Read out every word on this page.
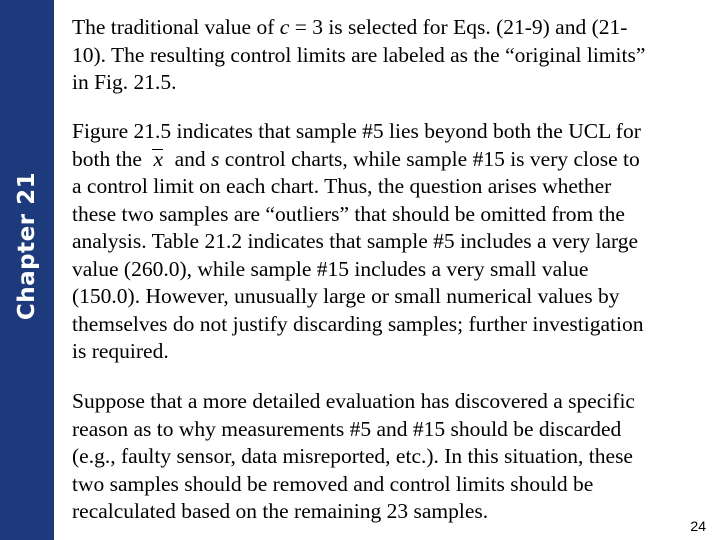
Chapter 21
The traditional value of c = 3 is selected for Eqs. (21-9) and (21-
10). The resulting control limits are labeled as the “original limits”
in Fig. 21.5.
Figure 21.5 indicates that sample #5 lies beyond both the UCL for
both the x and s control charts, while sample #15 is very close to
a control limit on each chart. Thus, the question arises whether
these two samples are “outliers” that should be omitted from the
analysis. Table 21.2 indicates that sample #5 includes a very large
value (260.0), while sample #15 includes a very small value
(150.0). However, unusually large or small numerical values by
themselves do not justify discarding samples; further investigation
is required.
Suppose that a more detailed evaluation has discovered a specific
reason as to why measurements #5 and #15 should be discarded
(e.g., faulty sensor, data misreported, etc.). In this situation, these
two samples should be removed and control limits should be
recalculated based on the remaining 23 samples.
24
